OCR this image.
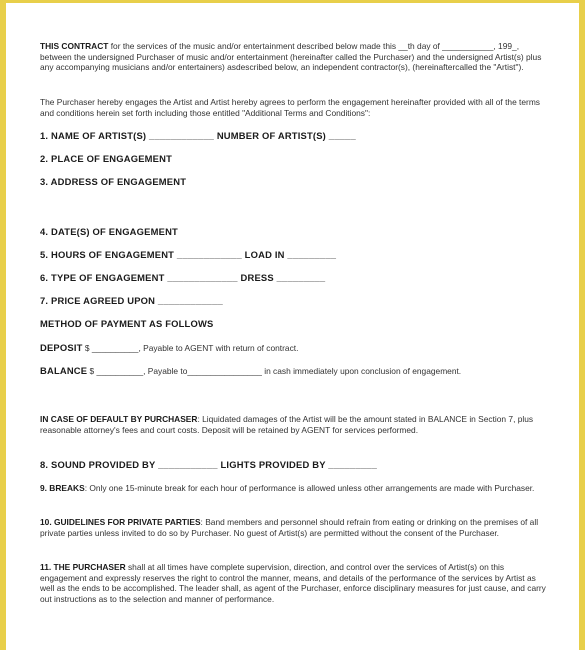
THIS CONTRACT for the services of the music and/or entertainment described below made this __th day of ___________, 199_, between the undersigned Purchaser of music and/or entertainment (hereinafter called the Purchaser) and the undersigned Artist(s) plus any accompanying musicians and/or entertainers) asdescribed below, an independent contractor(s), (hereinaftercalled the "Artist").

The Purchaser hereby engages the Artist and Artist hereby agrees to perform the engagement hereinafter provided with all of the terms and conditions herein set forth including those entitled "Additional Terms and Conditions":

1. NAME OF ARTIST(S) ____________ NUMBER OF ARTIST(S) _____
2. PLACE OF ENGAGEMENT
3. ADDRESS OF ENGAGEMENT
4. DATE(S) OF ENGAGEMENT
5. HOURS OF ENGAGEMENT ____________ LOAD IN _________
6. TYPE OF ENGAGEMENT _____________ DRESS _________
7. PRICE AGREED UPON ____________
METHOD OF PAYMENT AS FOLLOWS
DEPOSIT $ __________, Payable to AGENT with return of contract.
BALANCE $ __________, Payable to________________ in cash immediately upon conclusion of engagement.

IN CASE OF DEFAULT BY PURCHASER: Liquidated damages of the Artist will be the amount stated in BALANCE in Section 7, plus reasonable attorney's fees and court costs. Deposit will be retained by AGENT for services performed.

8. SOUND PROVIDED BY ___________ LIGHTS PROVIDED BY _________

9. BREAKS: Only one 15-minute break for each hour of performance is allowed unless other arrangements are made with Purchaser.

10. GUIDELINES FOR PRIVATE PARTIES: Band members and personnel should refrain from eating or drinking on the premises of all private parties unless invited to do so by Purchaser. No guest of Artist(s) are permitted without the consent of the Purchaser.

11. THE PURCHASER shall at all times have complete supervision, direction, and control over the services of Artist(s) on this engagement and expressly reserves the right to control the manner, means, and details of the performance of the services by Artist as well as the ends to be accomplished. The leader shall, as agent of the Purchaser, enforce disciplinary measures for just cause, and carry out instructions as to the selection and manner of performance.
